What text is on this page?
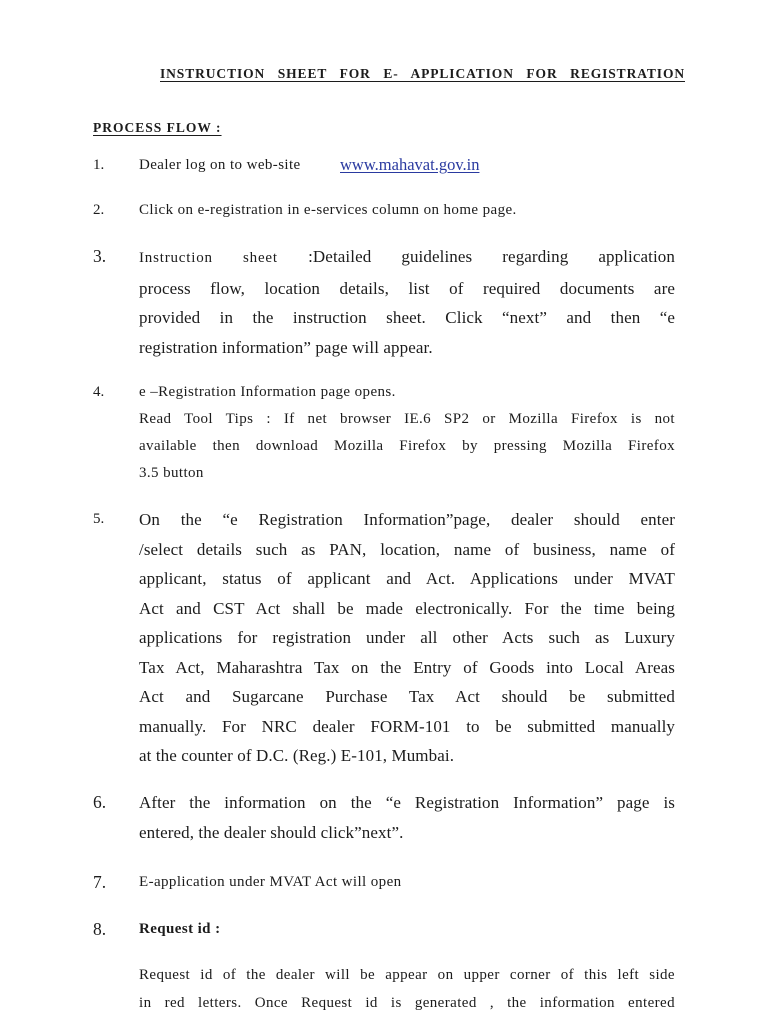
INSTRUCTION SHEET FOR E- APPLICATION FOR REGISTRATION
PROCESS FLOW :
1. Dealer log on to web-site	www.mahavat.gov.in
2. Click on e-registration in e-services column on home page.
3. Instruction sheet :Detailed guidelines regarding application
process flow, location details, list of required documents are
provided in the instruction sheet. Click “next” and then “e
registration information” page will appear.
4. e –Registration Information page opens.
Read Tool Tips : If net browser IE.6 SP2 or Mozilla Firefox is not
available then download Mozilla Firefox by pressing Mozilla Firefox
3.5 button
5. On the “e Registration Information”page, dealer should enter
/select details such as PAN, location, name of business, name of
applicant, status of applicant and Act. Applications under MVAT
Act and CST Act shall be made electronically. For the time being
applications for registration under all other Acts such as Luxury
Tax Act, Maharashtra Tax on the Entry of Goods into Local Areas
Act and Sugarcane Purchase Tax Act should be submitted
manually. For NRC dealer FORM-101 to be submitted manually
at the counter of D.C. (Reg.) E-101, Mumbai.
6. After the information on the “e Registration Information” page is
entered, the dealer should click”next”.
7. E-application under MVAT Act will open
8. Request id :
Request id of the dealer will be appear on upper corner of this left side
in red letters. Once Request id is generated , the information entered
